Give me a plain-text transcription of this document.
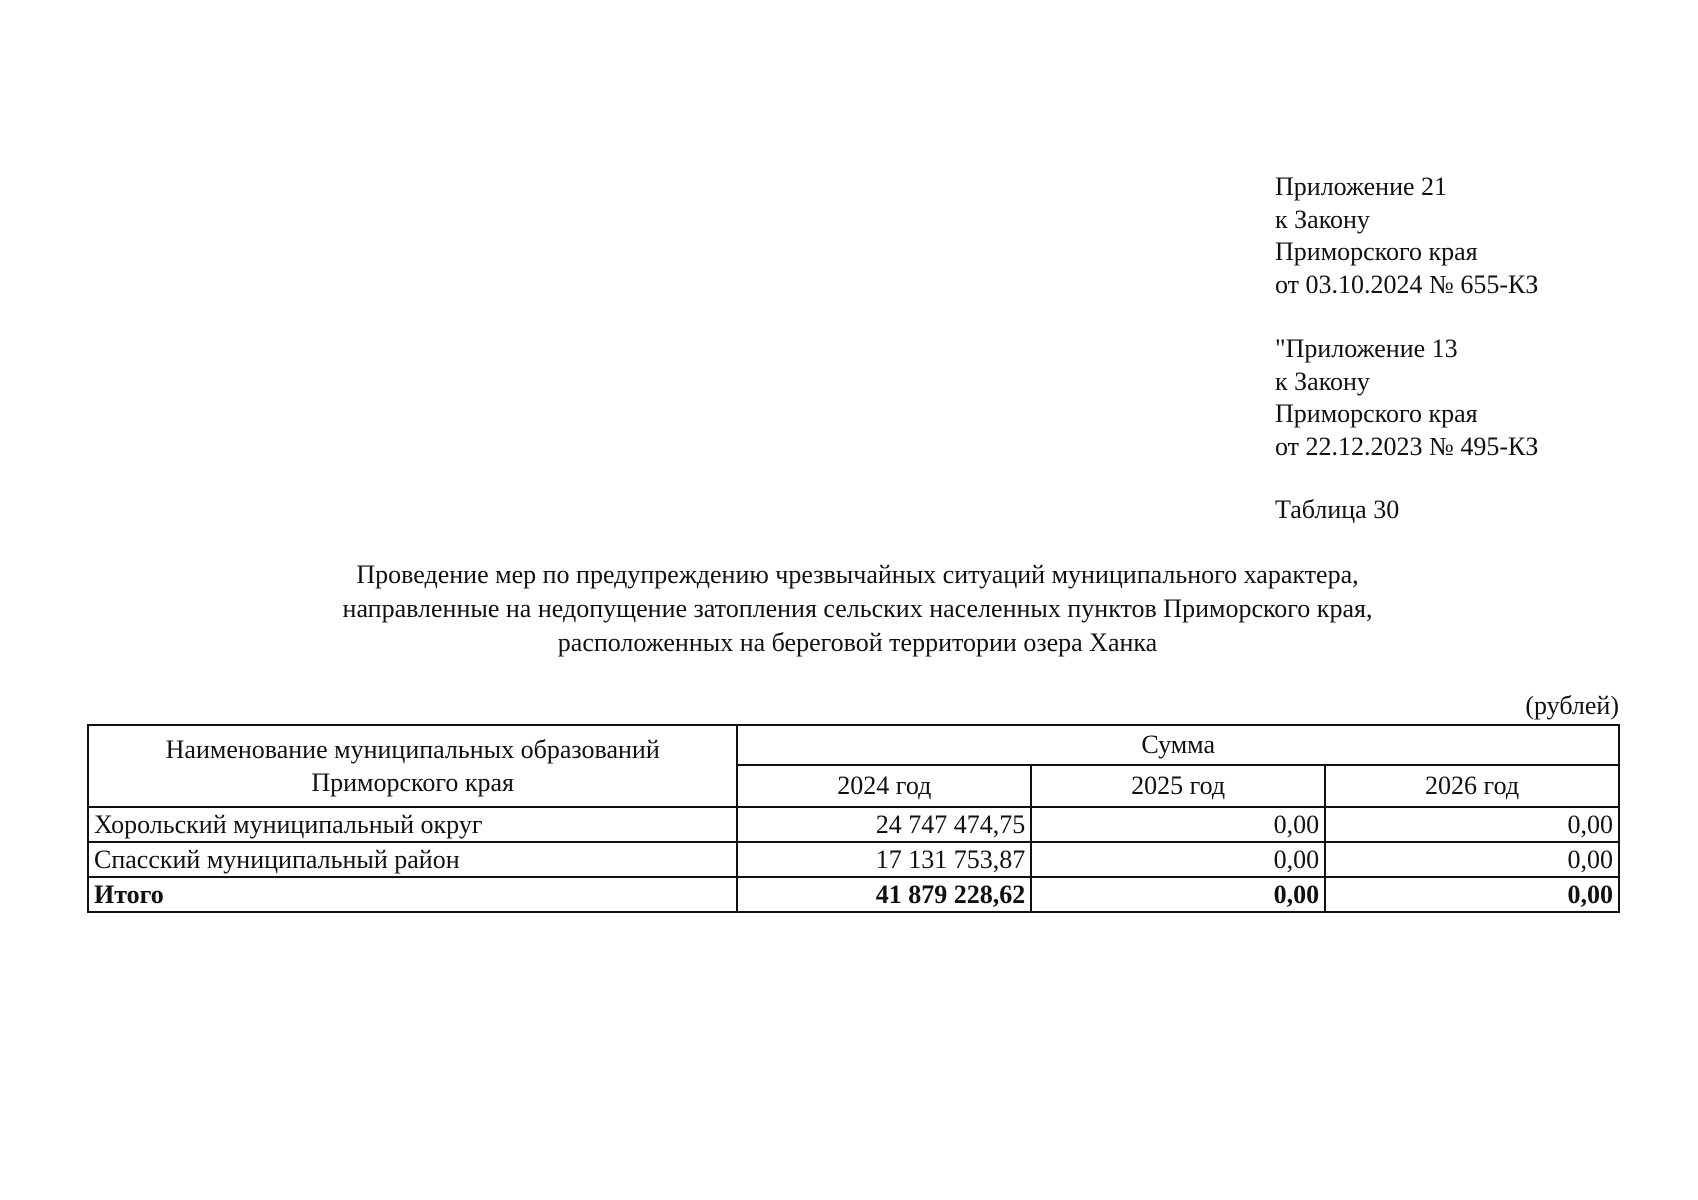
Приложение 21
к Закону
Приморского края
от 03.10.2024 № 655-КЗ
"Приложение 13
к Закону
Приморского края
от 22.12.2023 № 495-КЗ
Таблица 30
Проведение мер по предупреждению чрезвычайных ситуаций муниципального характера,
направленные на недопущение затопления сельских населенных пунктов Приморского края,
расположенных на береговой территории озера Ханка
(рублей)
Наименование муниципальных образований
Приморского края	Сумма		
	2024 год	2025 год	2026 год
Хорольский муниципальный округ	24 747 474,75	0,00	0,00
Спасский муниципальный район	17 131 753,87	0,00	0,00
Итого	41 879 228,62	0,00	0,00
